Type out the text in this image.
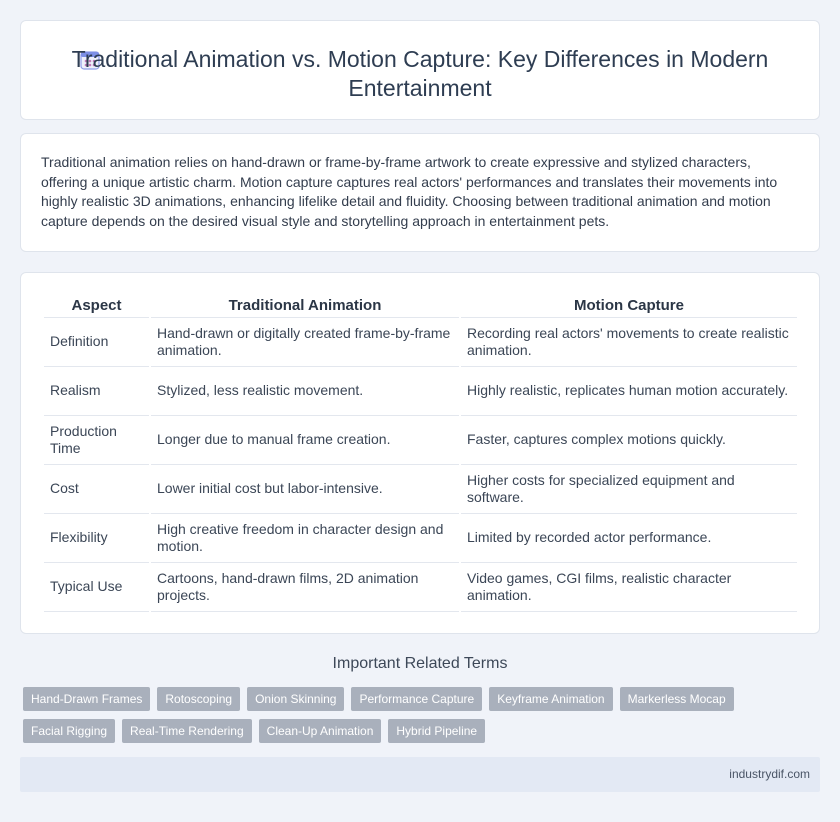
Traditional Animation vs. Motion Capture: Key Differences in Modern Entertainment

Traditional animation relies on hand-drawn or frame-by-frame artwork to create expressive and stylized characters, offering a unique artistic charm. Motion capture captures real actors' performances and translates their movements into highly realistic 3D animations, enhancing lifelike detail and fluidity. Choosing between traditional animation and motion capture depends on the desired visual style and storytelling approach in entertainment pets.

Aspect	Traditional Animation	Motion Capture
Definition	Hand-drawn or digitally created frame-by-frame animation.	Recording real actors' movements to create realistic animation.
Realism	Stylized, less realistic movement.	Highly realistic, replicates human motion accurately.
Production Time	Longer due to manual frame creation.	Faster, captures complex motions quickly.
Cost	Lower initial cost but labor-intensive.	Higher costs for specialized equipment and software.
Flexibility	High creative freedom in character design and motion.	Limited by recorded actor performance.
Typical Use	Cartoons, hand-drawn films, 2D animation projects.	Video games, CGI films, realistic character animation.
Important Related Terms
Hand-Drawn Frames	Rotoscoping	Onion Skinning	Performance Capture	Keyframe Animation	Markerless Mocap
Facial Rigging	Real-Time Rendering	Clean-Up Animation	Hybrid Pipeline
industrydif.com
